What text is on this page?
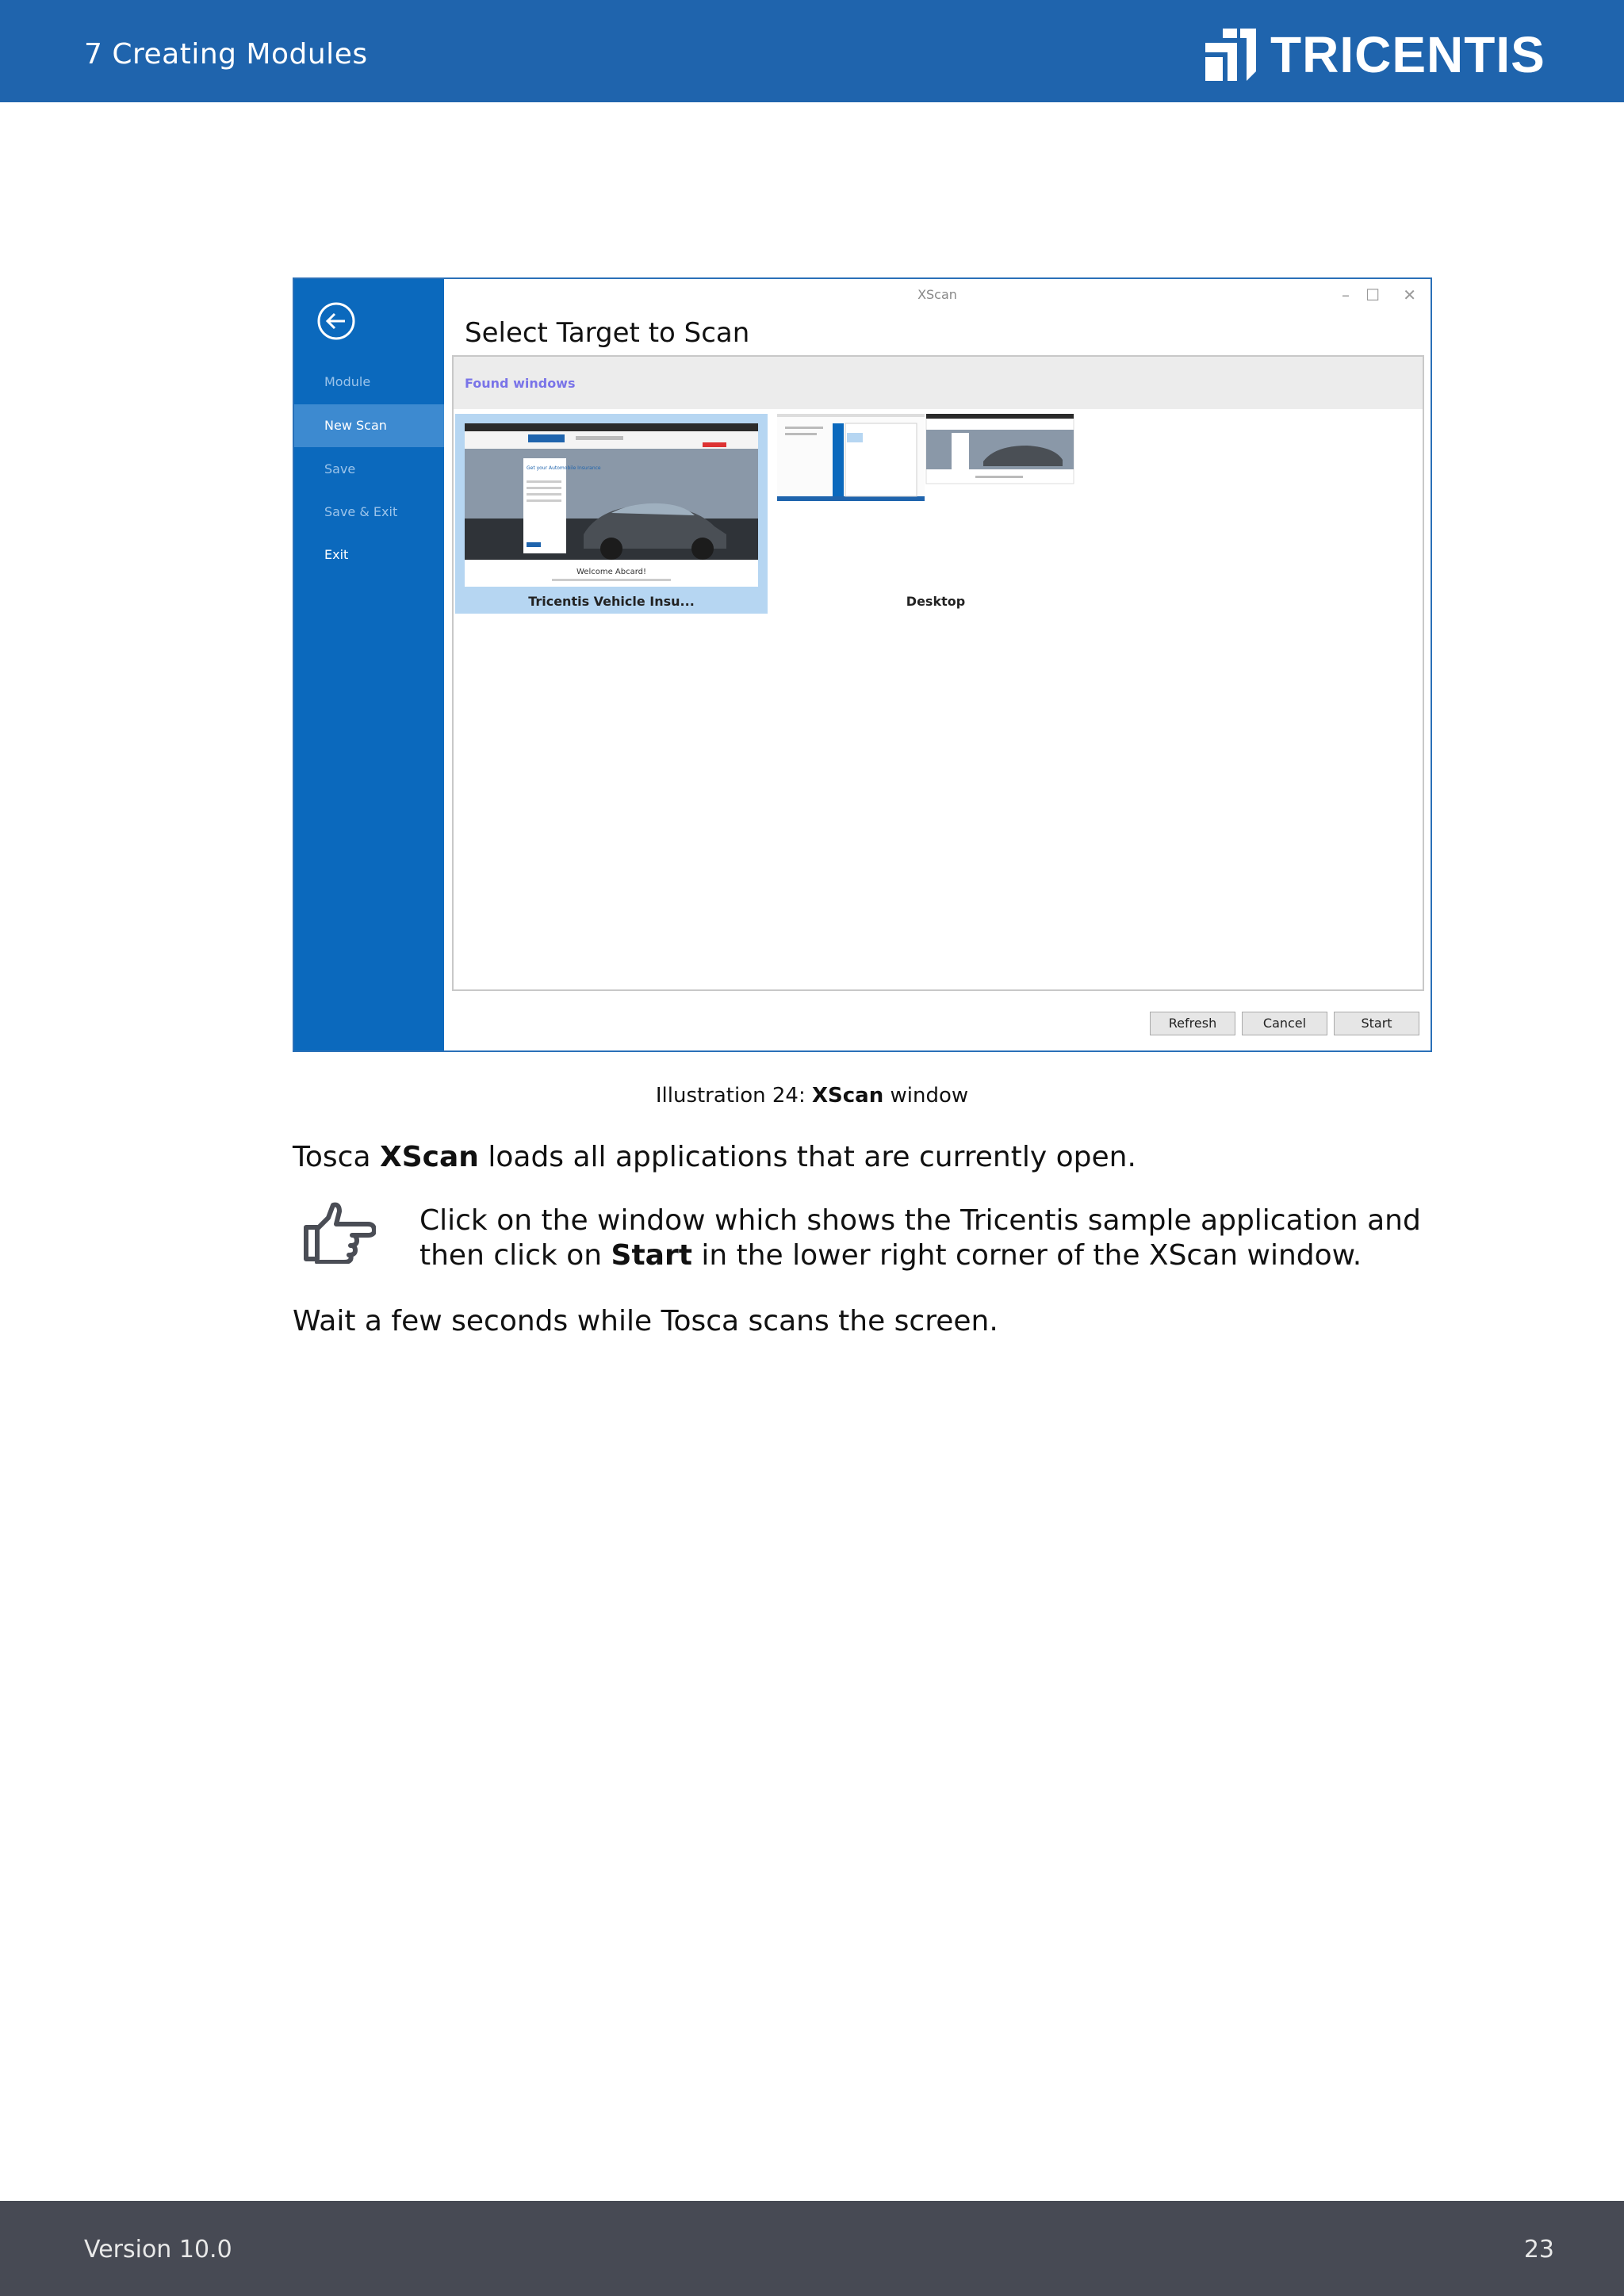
7 Creating Modules	TRICENTIS
Module
New Scan
Save
Save & Exit
Exit
XScan	– ☐ ✕
Select Target to Scan
Found windows
Get your Automobile Insurance
Welcome Abcard!
Tricentis Vehicle Insu...	Desktop
Refresh	Cancel	Start
Illustration 24: XScan window
Tosca XScan loads all applications that are currently open.
Click on the window which shows the Tricentis sample application and
then click on Start in the lower right corner of the XScan window.
Wait a few seconds while Tosca scans the screen.
Version 10.0	23
